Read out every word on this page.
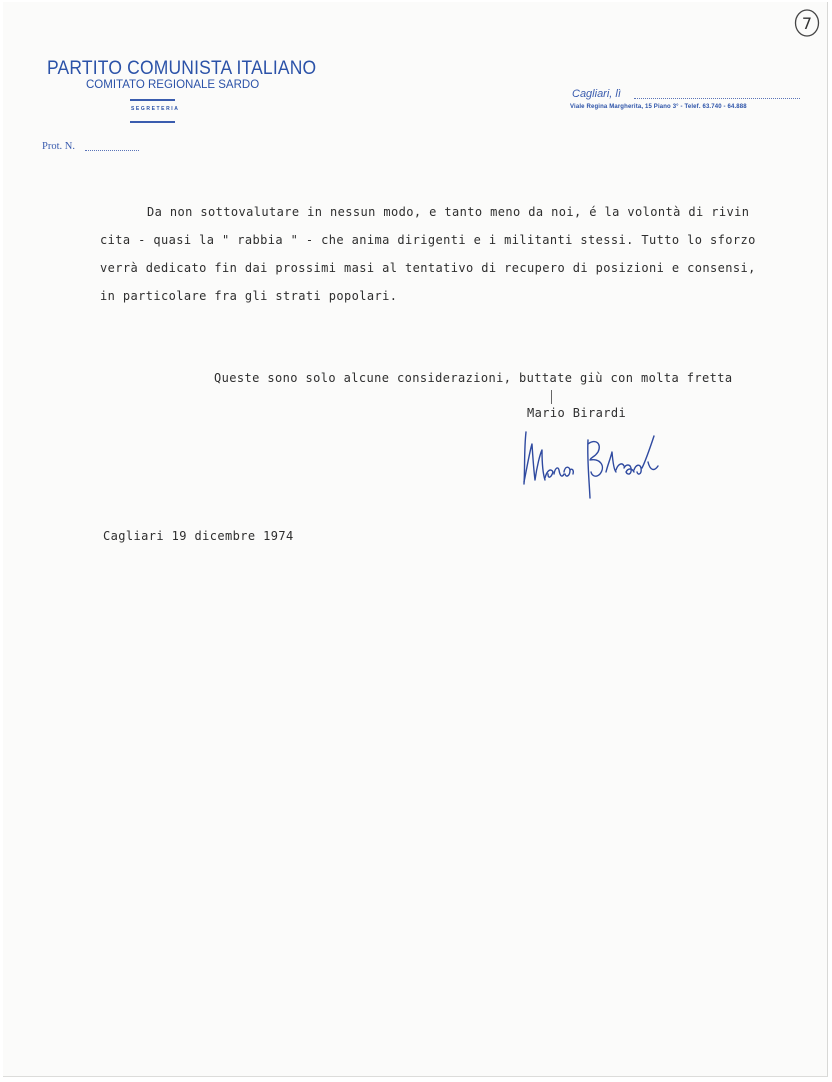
7
PARTITO COMUNISTA ITALIANO
COMITATO REGIONALE SARDO
SEGRETERIA
Cagliari, lì
Viale Regina Margherita, 15 Piano 3° - Telef. 63.740 - 64.888
Prot. N.
Da non sottovalutare in nessun modo, e tanto meno da noi, é la volontà di rivin
cita - quasi la " rabbia " - che anima dirigenti e i militanti stessi. Tutto lo sforzo
verrà dedicato fin dai prossimi masi al tentativo di recupero di posizioni e consensi,
in particolare fra gli strati popolari.
Queste sono solo alcune considerazioni, buttate giù con molta fretta
Mario Birardi
Cagliari 19 dicembre 1974
